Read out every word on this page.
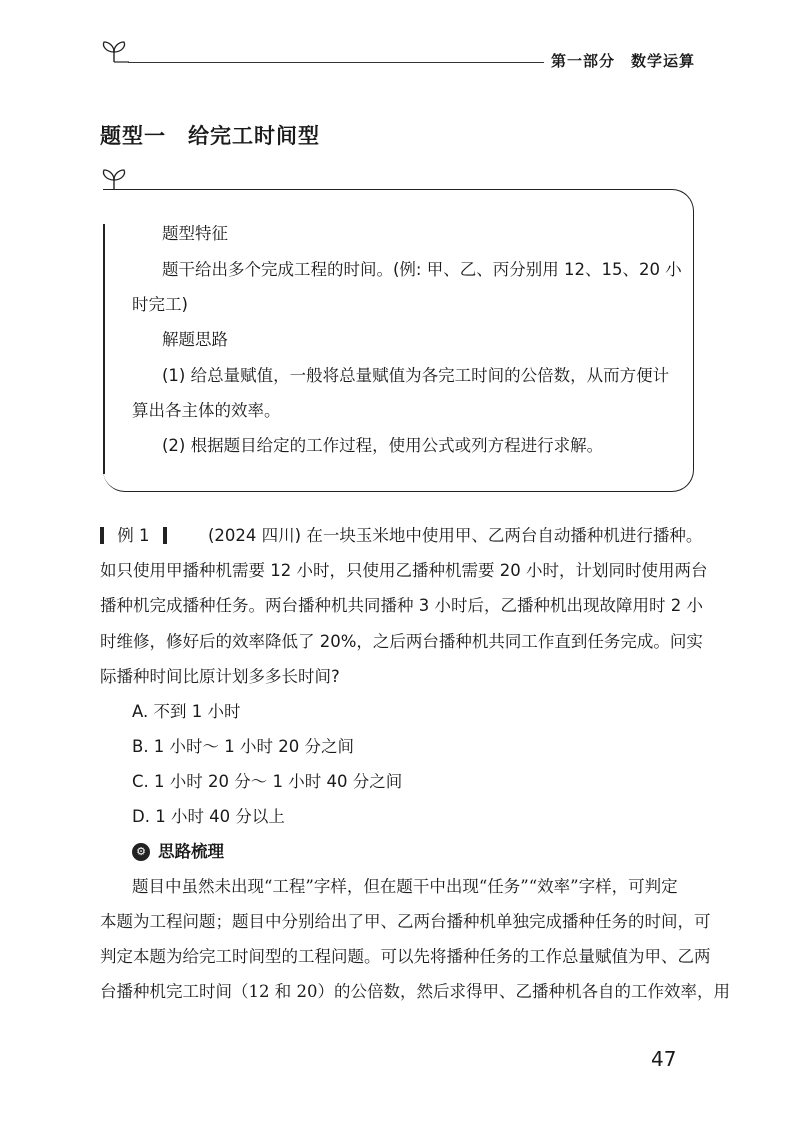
第一部分　数学运算
题型一　给完工时间型
题型特征
题干给出多个完成工程的时间。(例: 甲、乙、丙分别用 12、15、20 小
时完工)
解题思路
(1) 给总量赋值，一般将总量赋值为各完工时间的公倍数，从而方便计
算出各主体的效率。
(2) 根据题目给定的工作过程，使用公式或列方程进行求解。
例 1	(2024 四川) 在一块玉米地中使用甲、乙两台自动播种机进行播种。
如只使用甲播种机需要 12 小时，只使用乙播种机需要 20 小时，计划同时使用两台
播种机完成播种任务。两台播种机共同播种 3 小时后，乙播种机出现故障用时 2 小
时维修，修好后的效率降低了 20%，之后两台播种机共同工作直到任务完成。问实
际播种时间比原计划多多长时间?
A. 不到 1 小时
B. 1 小时～ 1 小时 20 分之间
C. 1 小时 20 分～ 1 小时 40 分之间
D. 1 小时 40 分以上
⚙ 思路梳理
题目中虽然未出现“工程”字样，但在题干中出现“任务”“效率”字样，可判定
本题为工程问题；题目中分别给出了甲、乙两台播种机单独完成播种任务的时间，可
判定本题为给完工时间型的工程问题。可以先将播种任务的工作总量赋值为甲、乙两
台播种机完工时间（12 和 20）的公倍数，然后求得甲、乙播种机各自的工作效率，用
47
